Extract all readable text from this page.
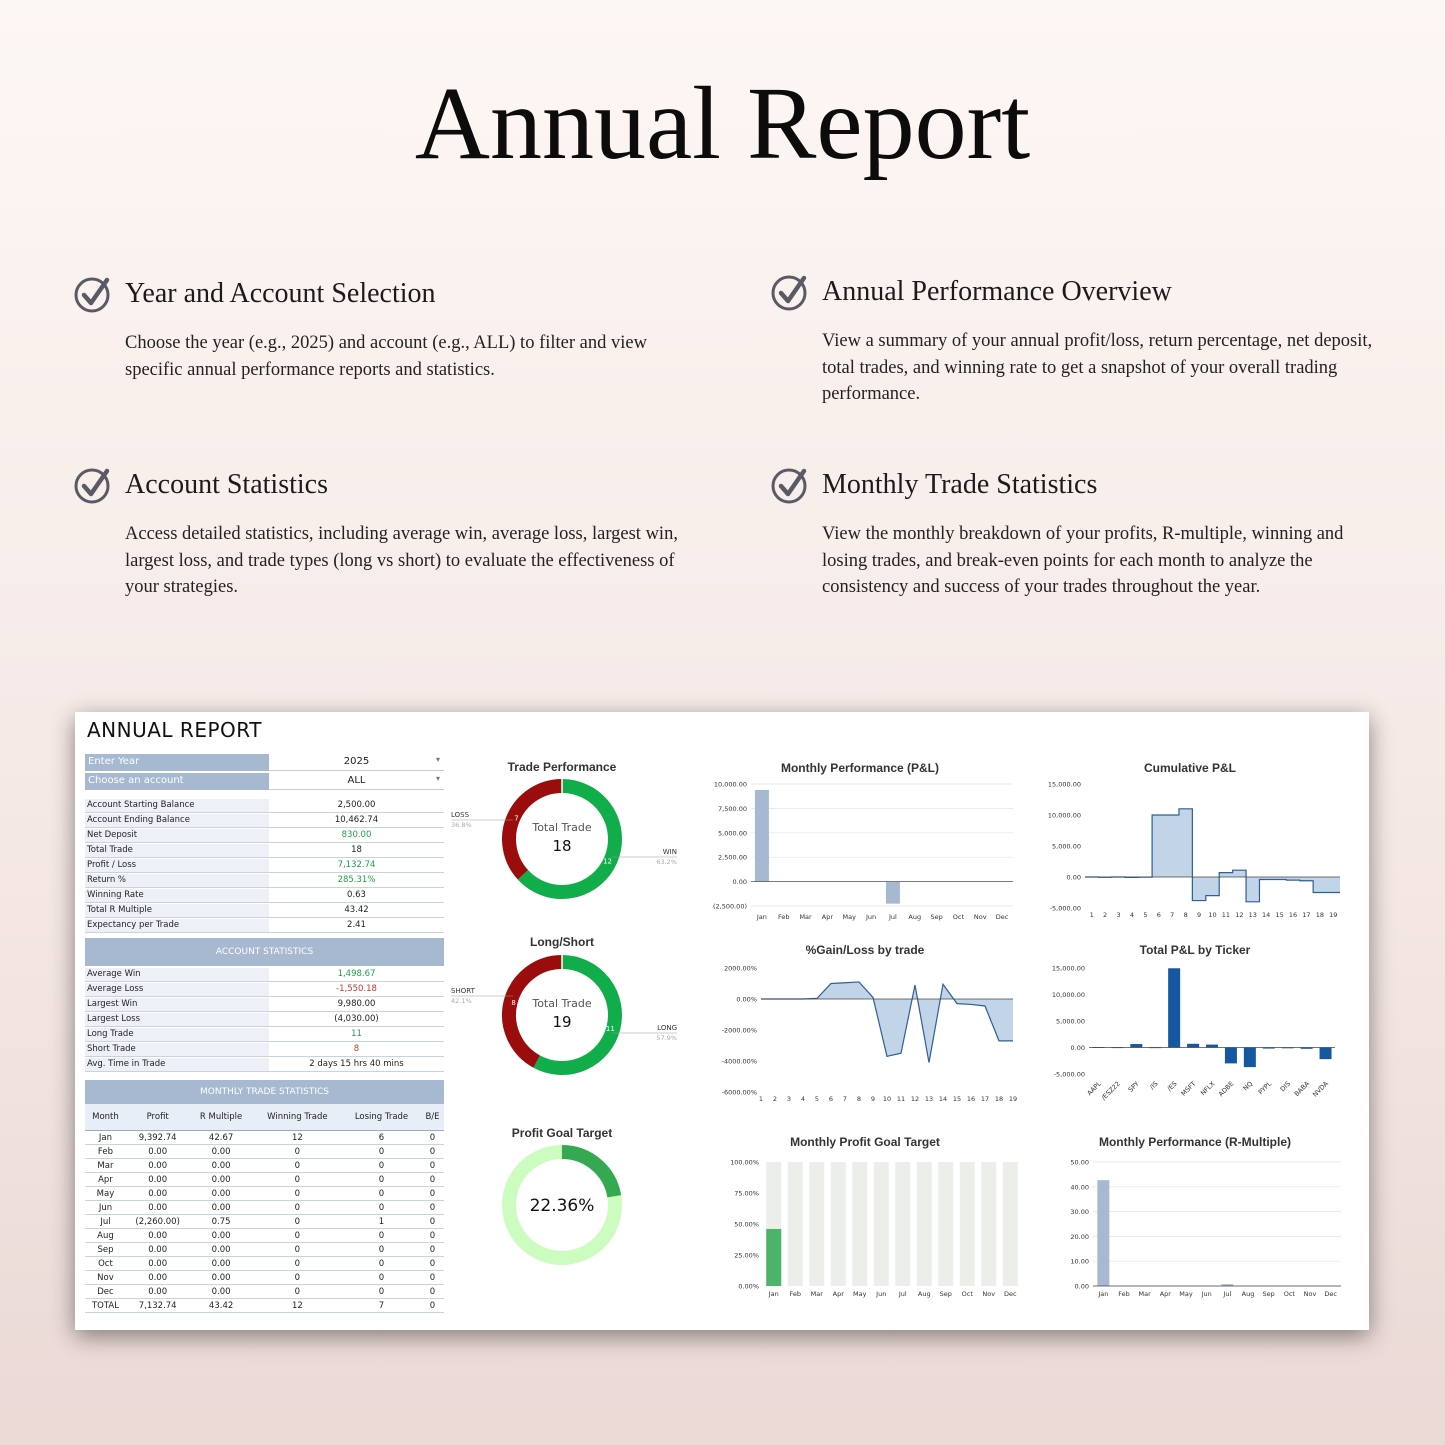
Annual Report
Year and Account Selection
Choose the year (e.g., 2025) and account (e.g., ALL) to filter and view specific annual performance reports and statistics.
Annual Performance Overview
View a summary of your annual profit/loss, return percentage, net deposit, total trades, and winning rate to get a snapshot of your overall trading performance.
Account Statistics
Access detailed statistics, including average win, average loss, largest win, largest loss, and trade types (long vs short) to evaluate the effectiveness of your strategies.
Monthly Trade Statistics
View the monthly breakdown of your profits, R-multiple, winning and losing trades, and break-even points for each month to analyze the consistency and success of your trades throughout the year.
ANNUAL REPORT
Enter Year	2025	▾
Choose an account	ALL	▾
Account Starting Balance	2,500.00
Account Ending Balance	10,462.74
Net Deposit	830.00
Total Trade	18
Profit / Loss	7,132.74
Return %	285.31%
Winning Rate	0.63
Total R Multiple	43.42
Expectancy per Trade	2.41
ACCOUNT STATISTICS
Average Win	1,498.67
Average Loss	-1,550.18
Largest Win	9,980.00
Largest Loss	(4,030.00)
Long Trade	11
Short Trade	8
Avg. Time in Trade	2 days 15 hrs 40 mins
MONTHLY TRADE STATISTICS
Month	Profit	R Multiple	Winning Trade	Losing Trade	B/E
Jan	9,392.74	42.67	12	6	0
Feb	0.00	0.00	0	0	0
Mar	0.00	0.00	0	0	0
Apr	0.00	0.00	0	0	0
May	0.00	0.00	0	0	0
Jun	0.00	0.00	0	0	0
Jul	(2,260.00)	0.75	0	1	0
Aug	0.00	0.00	0	0	0
Sep	0.00	0.00	0	0	0
Oct	0.00	0.00	0	0	0
Nov	0.00	0.00	0	0	0
Dec	0.00	0.00	0	0	0
TOTAL	7,132.74	43.42	12	7	0
Trade Performance
Total Trade
18
7
12
LOSS
36.8%
WIN
63.2%
Long/Short
Total Trade
19
8
11
SHORT
42.1%
LONG
57.9%
Profit Goal Target
22.36%
Monthly Performance (P&L)
(2,500.00)
0.00
2,500.00
5,000.00
7,500.00
10,000.00
Jan Feb Mar Apr May Jun Jul Aug Sep Oct Nov Dec
Cumulative P&L
-5,000.00
0.00
5,000.00
10,000.00
15,000.00
1 2 3 4 5 6 7 8 9 10 11 12 13 14 15 16 17 18 19
%Gain/Loss by trade
-6000.00%
-4000.00%
-2000.00%
0.00%
2000.00%
1 2 3 4 5 6 7 8 9 10 11 12 13 14 15 16 17 18 19
Total P&L by Ticker
-5,000.00
0.00
5,000.00
10,000.00
15,000.00
AAPL
/ESZ22 SPY /IS /ES MSFT NFLX ADBE NQ PYPL DIS BABA NVDA
Monthly Profit Goal Target
0.00%
25.00%
50.00%
75.00%
100.00%
Jan Feb Mar Apr May Jun Jul Aug Sep Oct Nov Dec
Monthly Performance (R-Multiple)
0.00
10.00
20.00
30.00
40.00
50.00
Jan Feb Mar Apr May Jun Jul Aug Sep Oct Nov Dec
